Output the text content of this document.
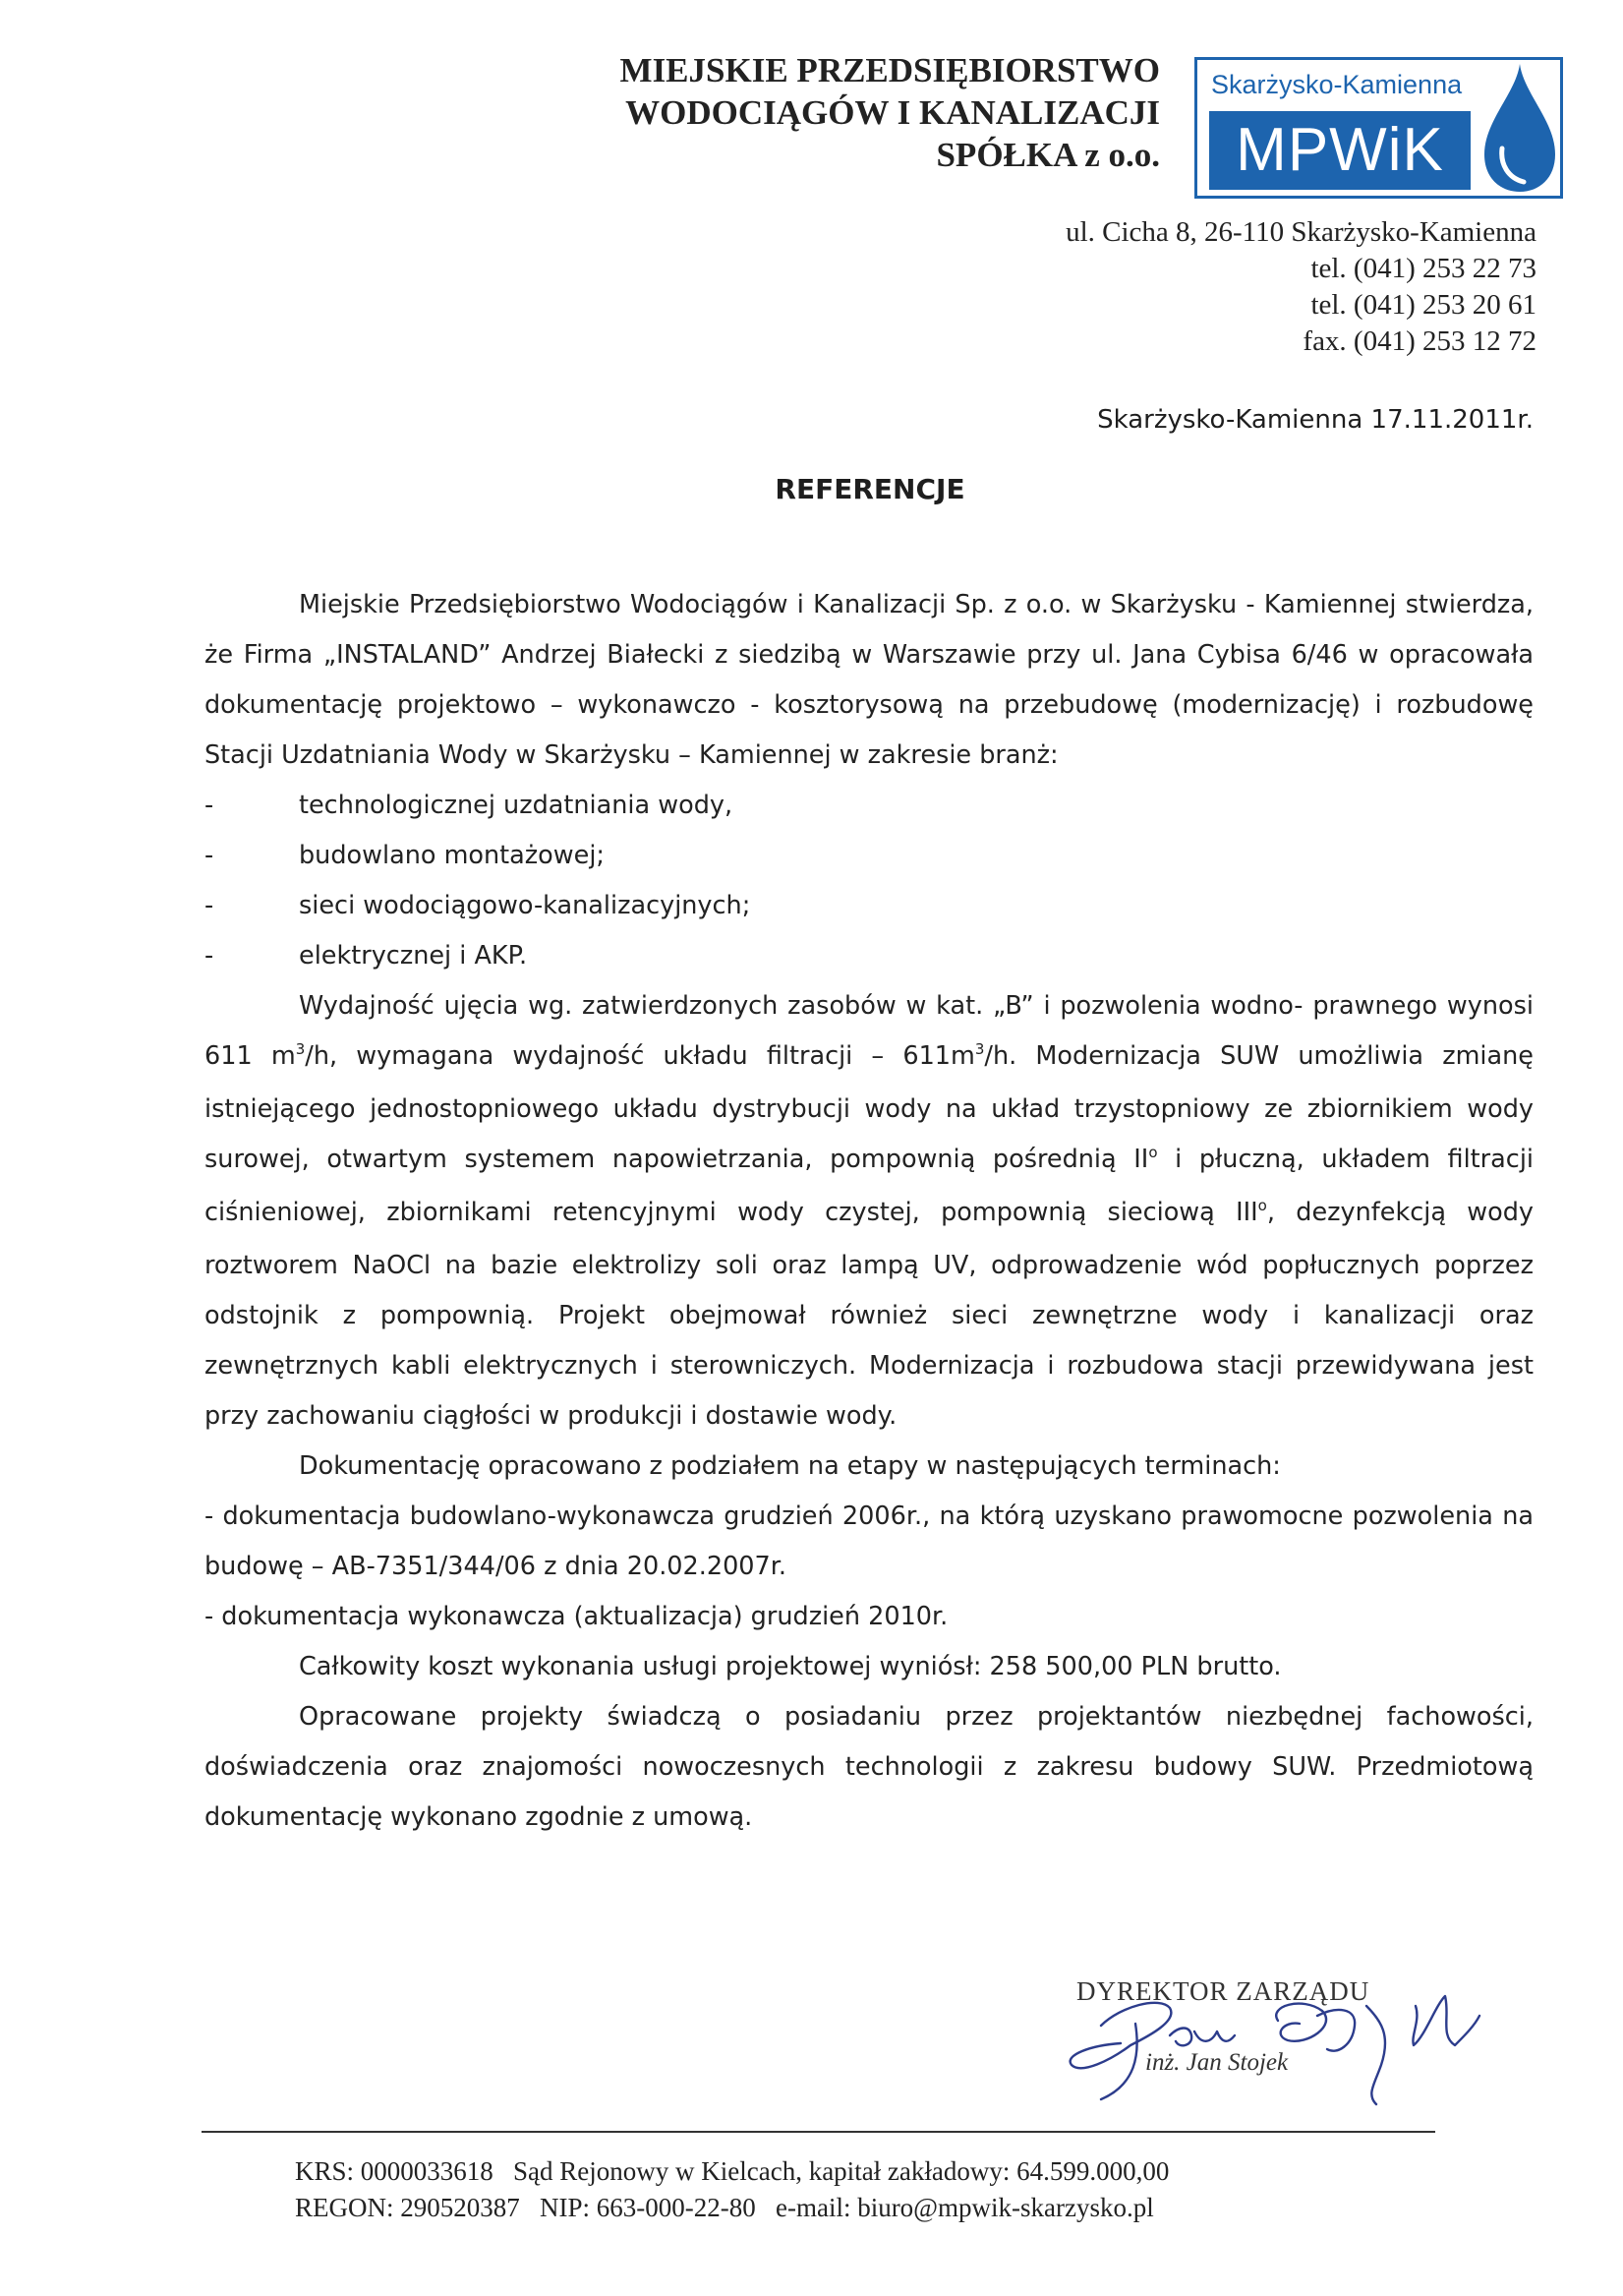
MIEJSKIE PRZEDSIĘBIORSTWO
WODOCIĄGÓW I KANALIZACJI
SPÓŁKA z o.o.
Skarżysko-Kamienna
MPWiK
ul. Cicha 8, 26-110 Skarżysko-Kamienna
tel. (041) 253 22 73
tel. (041) 253 20 61
fax. (041) 253 12 72
Skarżysko-Kamienna 17.11.2011r.
REFERENCJE

Miejskie Przedsiębiorstwo Wodociągów i Kanalizacji Sp. z o.o. w Skarżysku - Kamiennej stwierdza, że Firma „INSTALAND” Andrzej Białecki z siedzibą w Warszawie przy ul. Jana Cybisa 6/46 w opracowała dokumentację projektowo – wykonawczo - kosztorysową na przebudowę (modernizację) i rozbudowę Stacji Uzdatniania Wody w Skarżysku – Kamiennej w zakresie branż:

-	technologicznej uzdatniania wody,
-	budowlano montażowej;
-	sieci wodociągowo-kanalizacyjnych;
-	elektrycznej i AKP.

Wydajność ujęcia wg. zatwierdzonych zasobów w kat. „B” i pozwolenia wodno- prawnego wynosi 611 $m^3/h$, wymagana wydajność układu filtracji – $611m^3/h$. Modernizacja SUW umożliwia zmianę istniejącego jednostopniowego układu dystrybucji wody na układ trzystopniowy ze zbiornikiem wody surowej, otwartym systemem napowietrzania, pompownią pośrednią $II^o$ i płuczną, układem filtracji ciśnieniowej, zbiornikami retencyjnymi wody czystej, pompownią sieciową III$^o$, dezynfekcją wody roztworem NaOCl na bazie elektrolizy soli oraz lampą UV, odprowadzenie wód popłucznych poprzez odstojnik z pompownią. Projekt obejmował również sieci zewnętrzne wody i kanalizacji oraz zewnętrznych kabli elektrycznych i sterowniczych. Modernizacja i rozbudowa stacji przewidywana jest przy zachowaniu ciągłości w produkcji i dostawie wody.

Dokumentację opracowano z podziałem na etapy w następujących terminach:

- dokumentacja budowlano-wykonawcza grudzień 2006r., na którą uzyskano prawomocne pozwolenia na budowę – AB-7351/344/06 z dnia 20.02.2007r.

- dokumentacja wykonawcza (aktualizacja) grudzień 2010r.

Całkowity koszt wykonania usługi projektowej wyniósł: 258 500,00 PLN brutto.

Opracowane projekty świadczą o posiadaniu przez projektantów niezbędnej fachowości, doświadczenia oraz znajomości nowoczesnych technologii z zakresu budowy SUW. Przedmiotową dokumentację wykonano zgodnie z umową.

DYREKTOR ZARZĄDU
inż. Jan Stojek
KRS: 0000033618   Sąd Rejonowy w Kielcach, kapitał zakładowy: 64.599.000,00
REGON: 290520387   NIP: 663-000-22-80   e-mail: biuro@mpwik-skarzysko.pl
